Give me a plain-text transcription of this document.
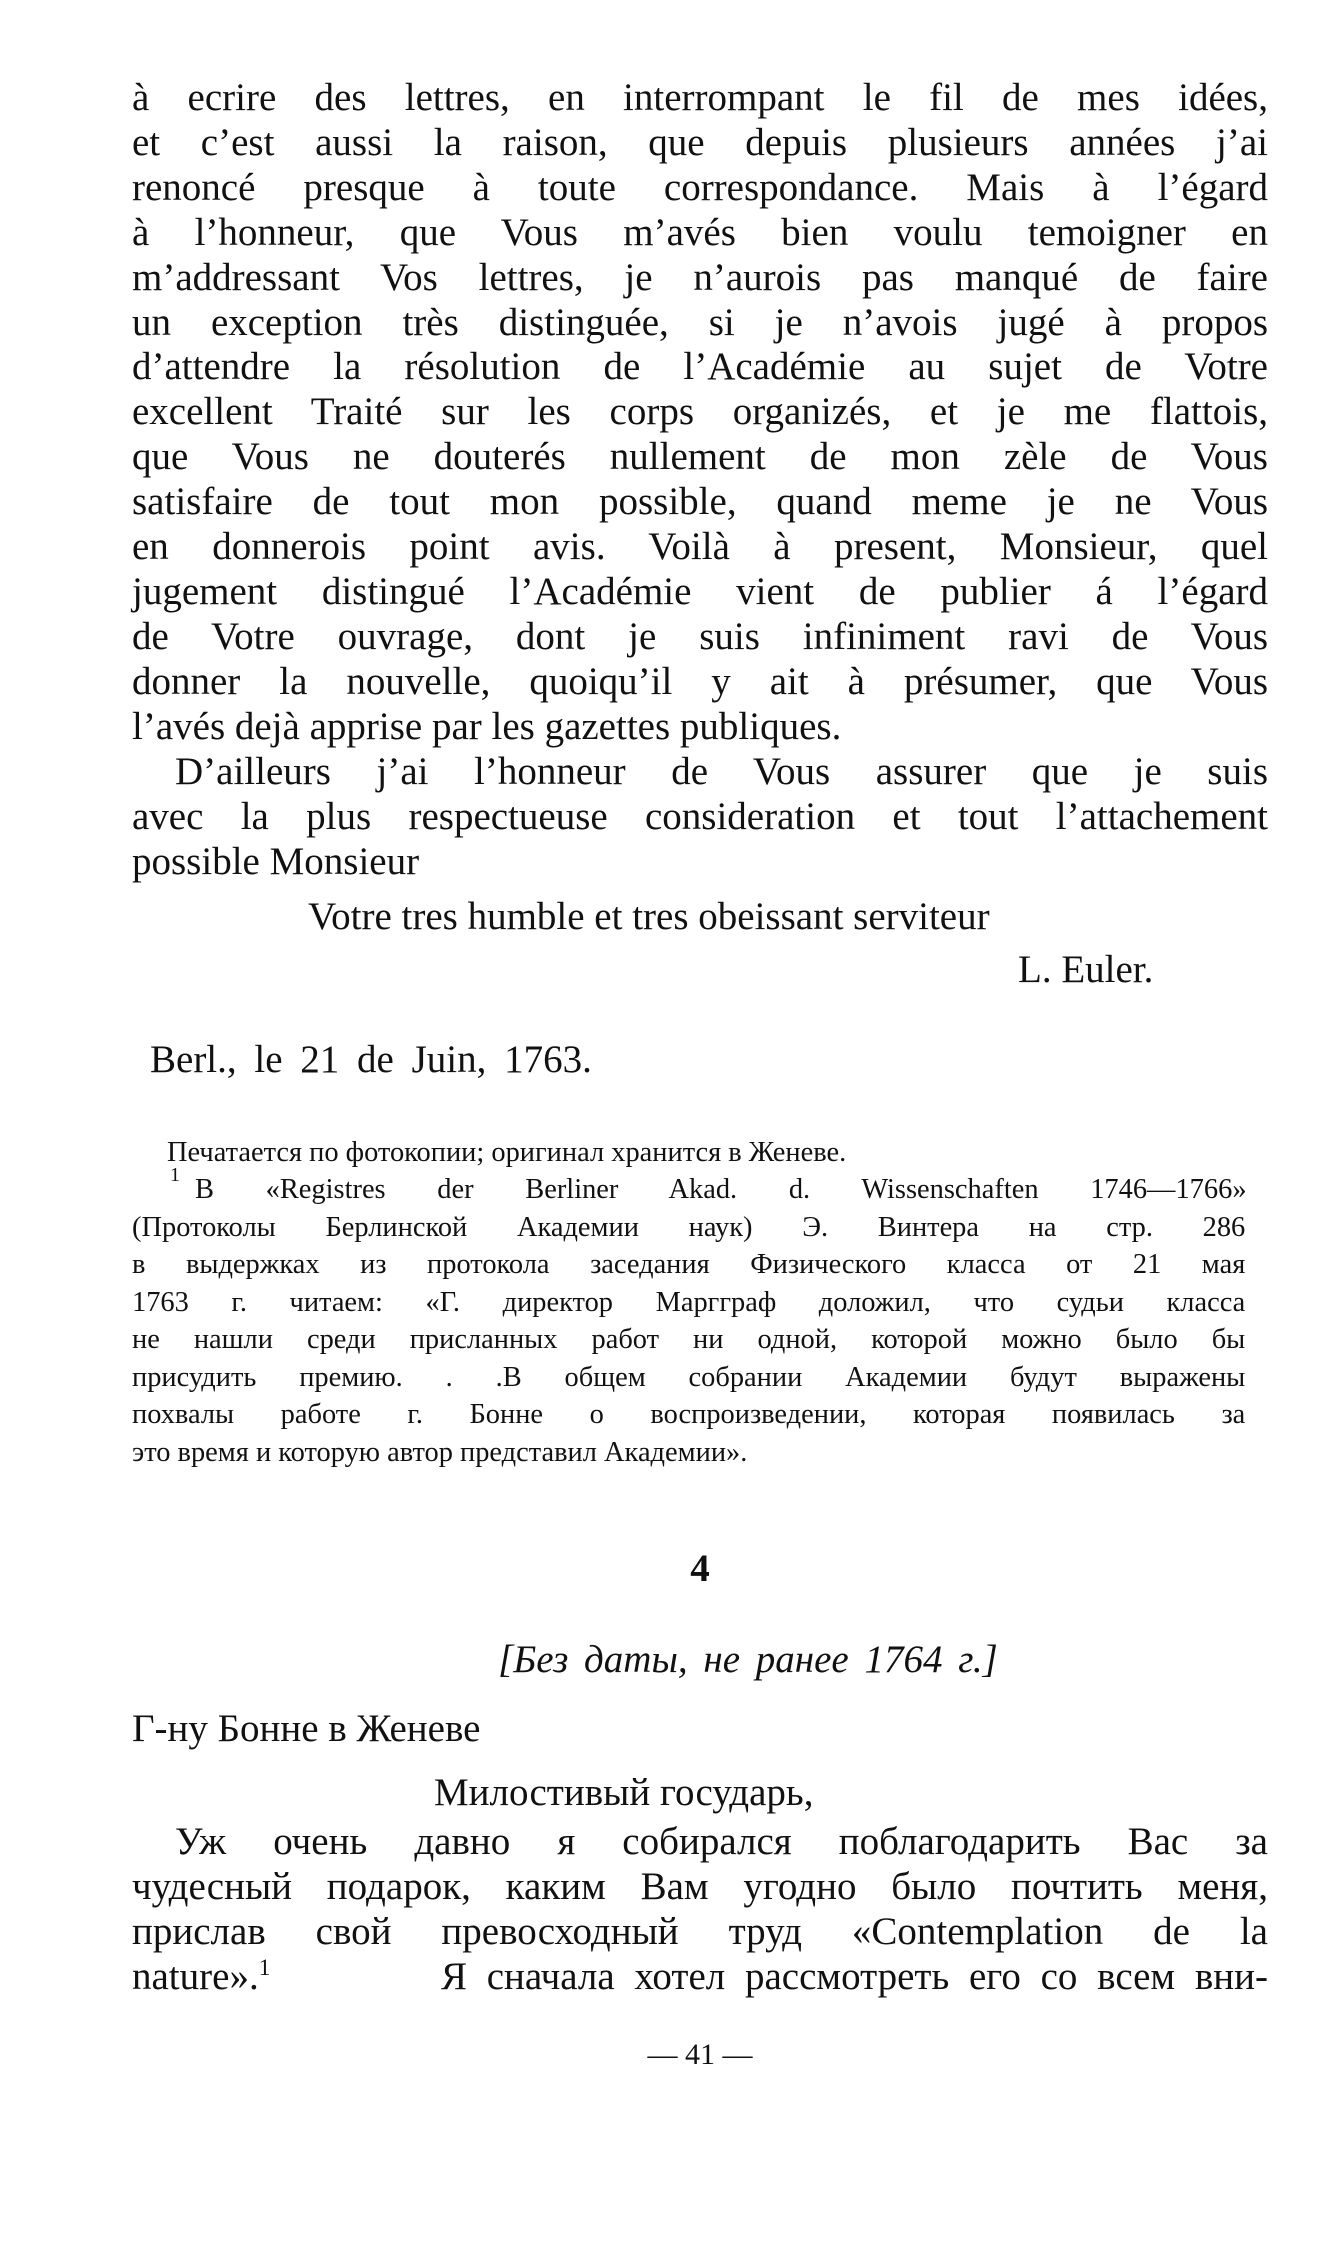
à ecrire des lettres, en interrompant le fil de mes idées,
et c’est aussi la raison, que depuis plusieurs années j’ai
renoncé presque à toute correspondance. Mais à l’égard
à l’honneur, que Vous m’avés bien voulu temoigner en
m’addressant Vos lettres, je n’aurois pas manqué de faire
un exception très distinguée, si je n’avois jugé à propos
d’attendre la résolution de l’Académie au sujet de Votre
excellent Traité sur les corps organizés, et je me flattois,
que Vous ne douterés nullement de mon zèle de Vous
satisfaire de tout mon possible, quand meme je ne Vous
en donnerois point avis. Voilà à present, Monsieur, quel
jugement distingué l’Académie vient de publier á l’égard
de Votre ouvrage, dont je suis infiniment ravi de Vous
donner la nouvelle, quoiqu’il y ait à présumer, que Vous
l’avés dejà apprise par les gazettes publiques.
D’ailleurs j’ai l’honneur de Vous assurer que je suis
avec la plus respectueuse consideration et tout l’attachement
possible Monsieur
Votre tres humble et tres obeissant serviteur
L. Euler.
Berl., le 21 de Juin, 1763.
Печатается по фотокопии; оригинал хранится в Женеве.
В «Registres der Berliner Akad. d. Wissenschaften 1746—1766»
1
(Протоколы Берлинской Академии наук) Э. Винтера на стр. 286
в выдержках из протокола заседания Физического класса от 21 мая
1763 г. читаем: «Г. директор Маргграф доложил, что судьи класса
не нашли среди присланных работ ни одной, которой можно было бы
присудить премию. . .В общем собрании Академии будут выражены
похвалы работе г. Бонне о воспроизведении, которая появилась за
это время и которую автор представил Академии».
4
[Без даты, не ранее 1764 г.]
Г-ну Бонне в Женеве
Милостивый государь,
Уж очень давно я собирался поблагодарить Вас за
чудесный подарок, каким Вам угодно было почтить меня,
прислав свой превосходный труд «Contemplation de la
nature».$^1$	Я сначала хотел рассмотреть его со всем вни-
— 41 —
